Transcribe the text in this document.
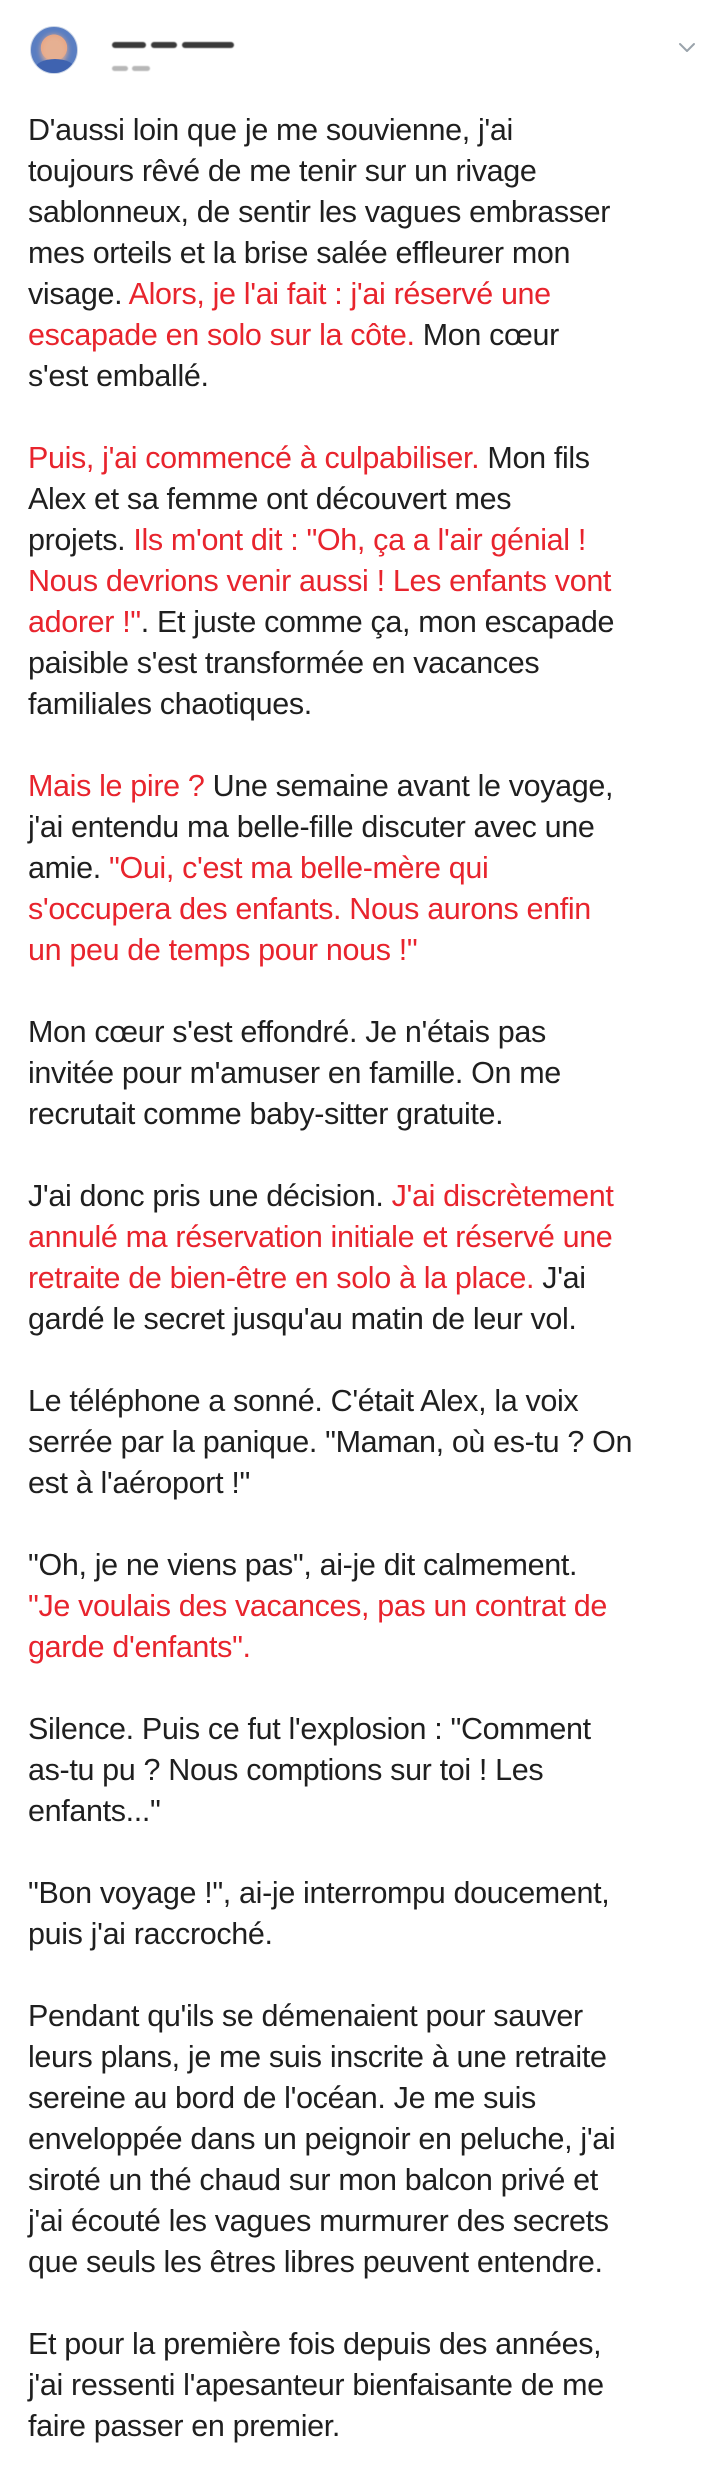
D'aussi loin que je me souvienne, j'ai
toujours rêvé de me tenir sur un rivage
sablonneux, de sentir les vagues embrasser
mes orteils et la brise salée effleurer mon
visage. Alors, je l'ai fait : j'ai réservé une
escapade en solo sur la côte. Mon cœur
s'est emballé.

Puis, j'ai commencé à culpabiliser. Mon fils
Alex et sa femme ont découvert mes
projets. Ils m'ont dit : "Oh, ça a l'air génial !
Nous devrions venir aussi ! Les enfants vont
adorer !". Et juste comme ça, mon escapade
paisible s'est transformée en vacances
familiales chaotiques.

Mais le pire ? Une semaine avant le voyage,
j'ai entendu ma belle-fille discuter avec une
amie. "Oui, c'est ma belle-mère qui
s'occupera des enfants. Nous aurons enfin
un peu de temps pour nous !"

Mon cœur s'est effondré. Je n'étais pas
invitée pour m'amuser en famille. On me
recrutait comme baby-sitter gratuite.

J'ai donc pris une décision. J'ai discrètement
annulé ma réservation initiale et réservé une
retraite de bien-être en solo à la place. J'ai
gardé le secret jusqu'au matin de leur vol.

Le téléphone a sonné. C'était Alex, la voix
serrée par la panique. "Maman, où es-tu ? On
est à l'aéroport !"

"Oh, je ne viens pas", ai-je dit calmement.
"Je voulais des vacances, pas un contrat de
garde d'enfants".

Silence. Puis ce fut l'explosion : "Comment
as-tu pu ? Nous comptions sur toi ! Les
enfants..."

"Bon voyage !", ai-je interrompu doucement,
puis j'ai raccroché.

Pendant qu'ils se démenaient pour sauver
leurs plans, je me suis inscrite à une retraite
sereine au bord de l'océan. Je me suis
enveloppée dans un peignoir en peluche, j'ai
siroté un thé chaud sur mon balcon privé et
j'ai écouté les vagues murmurer des secrets
que seuls les êtres libres peuvent entendre.

Et pour la première fois depuis des années,
j'ai ressenti l'apesanteur bienfaisante de me
faire passer en premier.
